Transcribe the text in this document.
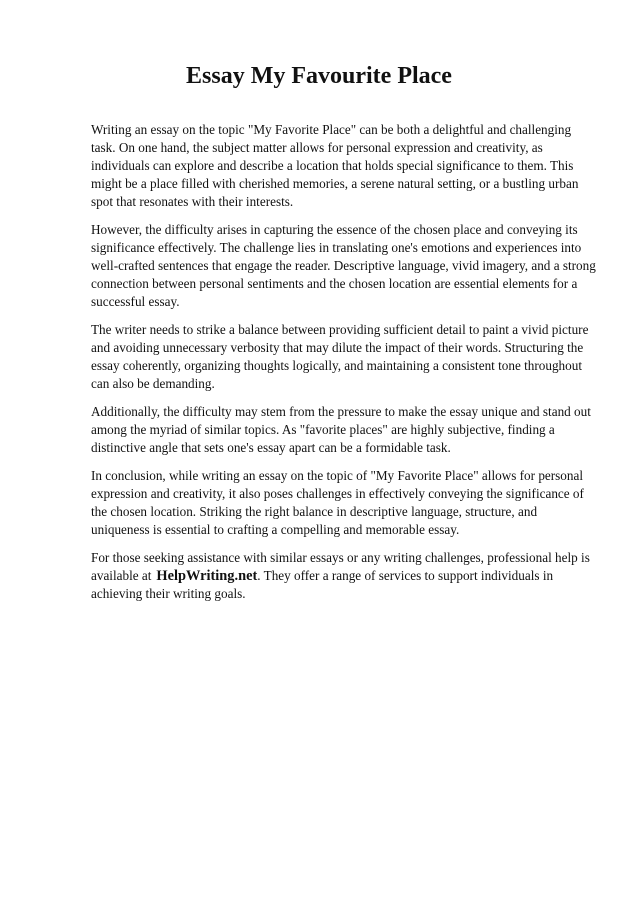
Essay My Favourite Place

Writing an essay on the topic "My Favorite Place" can be both a delightful and challenging task. On one hand, the subject matter allows for personal expression and creativity, as individuals can explore and describe a location that holds special significance to them. This might be a place filled with cherished memories, a serene natural setting, or a bustling urban spot that resonates with their interests.

However, the difficulty arises in capturing the essence of the chosen place and conveying its significance effectively. The challenge lies in translating one's emotions and experiences into well-crafted sentences that engage the reader. Descriptive language, vivid imagery, and a strong connection between personal sentiments and the chosen location are essential elements for a successful essay.

The writer needs to strike a balance between providing sufficient detail to paint a vivid picture and avoiding unnecessary verbosity that may dilute the impact of their words. Structuring the essay coherently, organizing thoughts logically, and maintaining a consistent tone throughout can also be demanding.

Additionally, the difficulty may stem from the pressure to make the essay unique and stand out among the myriad of similar topics. As "favorite places" are highly subjective, finding a distinctive angle that sets one's essay apart can be a formidable task.

In conclusion, while writing an essay on the topic of "My Favorite Place" allows for personal expression and creativity, it also poses challenges in effectively conveying the significance of the chosen location. Striking the right balance in descriptive language, structure, and uniqueness is essential to crafting a compelling and memorable essay.

For those seeking assistance with similar essays or any writing challenges, professional help is available at HelpWriting.net. They offer a range of services to support individuals in achieving their writing goals.
